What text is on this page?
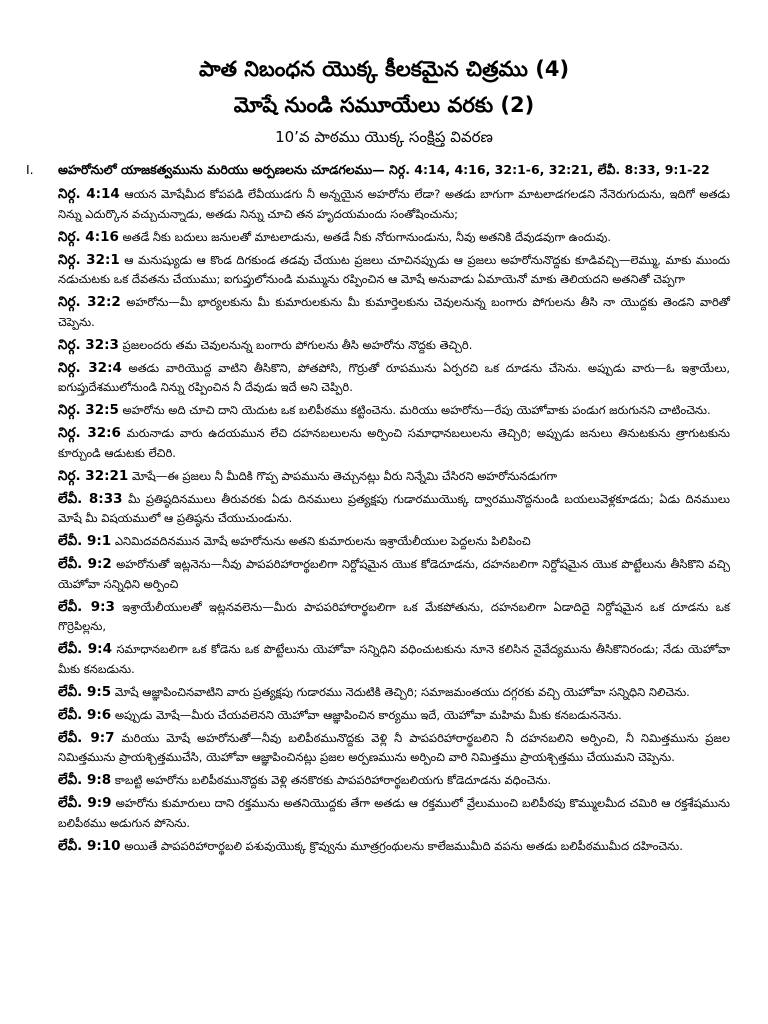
పాత నిబంధన యొక్క కీలకమైన చిత్రము (4)
మోషే నుండి సమూయేలు వరకు (2)
10’వ పాఠము యొక్క సంక్షిప్త వివరణ
I. అహరోనులో యాజకత్వమును మరియు అర్పణలను చూడగలము— నిర్గ. 4:14, 4:16, 32:1-6, 32:21, లేవీ. 8:33, 9:1-22
నిర్గ. 4:14 ఆయన మోషేమీద కోపపడి లేవీయుడగు నీ అన్నయైన అహరోను లేడా? అతడు బాగుగా మాటలాడగలడని నేనెరుగుదును, ఇదిగో అతడు నిన్ను ఎదుర్కొన వచ్చుచున్నాడు, అతడు నిన్ను చూచి తన హృదయమందు సంతోషించును;
నిర్గ. 4:16 అతడే నీకు బదులు జనులతో మాటలాడును, అతడే నీకు నోరుగానుండును, నీవు అతనికి దేవుడవుగా ఉందువు.
నిర్గ. 32:1 ఆ మనుష్యుడు ఆ కొండ దిగకుండ తడవు చేయుట ప్రజలు చూచినప్పుడు ఆ ప్రజలు అహరోనునొద్దకు కూడివచ్చి—లెమ్ము, మాకు ముందు నడుచుటకు ఒక దేవతను చేయుము; ఐగుప్తులోనుండి మమ్మును రప్పించిన ఆ మోషే అనువాడు ఏమాయెనో మాకు తెలియదని అతనితో చెప్పగా
నిర్గ. 32:2 అహరోను—మీ భార్యలకును మీ కుమారులకును మీ కుమార్తెలకును చెవులనున్న బంగారు పోగులను తీసి నా యొద్దకు తెండని వారితో చెప్పెను.
నిర్గ. 32:3 ప్రజలందరు తమ చెవులనున్న బంగారు పోగులను తీసి అహరోను నొద్దకు తెచ్చిరి.
నిర్గ. 32:4 అతడు వారియొద్ద వాటిని తీసికొని, పోతపోసి, గొర్రుతో రూపమును ఏర్పరచి ఒక దూడను చేసెను. అప్పుడు వారు—ఓ ఇశ్రాయేలు, ఐగుప్తుదేశములోనుండి నిన్ను రప్పించిన నీ దేవుడు ఇదే అని చెప్పిరి.
నిర్గ. 32:5 అహరోను అది చూచి దాని యెదుట ఒక బలిపీఠము కట్టించెను. మరియు అహరోను—రేపు యెహోవాకు పండుగ జరుగునని చాటించెను.
నిర్గ. 32:6 మరునాడు వారు ఉదయమున లేచి దహనబలులను అర్పించి సమాధానబలులను తెచ్చిరి; అప్పుడు జనులు తినుటకును త్రాగుటకును కూర్చుండి ఆడుటకు లేచిరి.
నిర్గ. 32:21 మోషే—ఈ ప్రజలు నీ మీదికి గొప్ప పాపమును తెచ్చునట్లు వీరు నిన్నేమి చేసిరని అహరోనునడుగగా
లేవీ. 8:33 మీ ప్రతిష్ఠదినములు తీరువరకు ఏడు దినములు ప్రత్యక్షపు గుడారముయొక్క ద్వారమునొద్దనుండి బయలువెళ్లకూడదు; ఏడు దినములు మోషే మీ విషయములో ఆ ప్రతిష్ఠను చేయుచుండును.
లేవీ. 9:1 ఎనిమిదవదినమున మోషే అహరోనును అతని కుమారులను ఇశ్రాయేలీయుల పెద్దలను పిలిపించి
లేవీ. 9:2 అహరోనుతో ఇట్లనెను—నీవు పాపపరిహారార్థబలిగా నిర్దోషమైన యొక కోడెదూడను, దహనబలిగా నిర్దోషమైన యొక పొట్టేలును తీసికొని వచ్చి యెహోవా సన్నిధిని అర్పించి
లేవీ. 9:3 ఇశ్రాయేలీయులతో ఇట్లనవలెను—మీరు పాపపరిహారార్థబలిగా ఒక మేకపోతును, దహనబలిగా ఏడాదిదై నిర్దోషమైన ఒక దూడను ఒక గొర్రెపిల్లను,
లేవీ. 9:4 సమాధానబలిగా ఒక కోడెను ఒక పొట్టేలును యెహోవా సన్నిధిని వధించుటకును నూనె కలిసిన నైవేద్యమును తీసికొనిరండు; నేడు యెహోవా మీకు కనబడును.
లేవీ. 9:5 మోషే ఆజ్ఞాపించినవాటిని వారు ప్రత్యక్షపు గుడారము నెదుటికి తెచ్చిరి; సమాజమంతయు దగ్గరకు వచ్చి యెహోవా సన్నిధిని నిలిచెను.
లేవీ. 9:6 అప్పుడు మోషే—మీరు చేయవలెనని యెహోవా ఆజ్ఞాపించిన కార్యము ఇదే, యెహోవా మహిమ మీకు కనబడుననెను.
లేవీ. 9:7 మరియు మోషే అహరోనుతో—నీవు బలిపీఠమునొద్దకు వెళ్లి నీ పాపపరిహారార్థబలిని నీ దహనబలిని అర్పించి, నీ నిమిత్తమును ప్రజల నిమిత్తమును ప్రాయశ్చిత్తముచేసి, యెహోవా ఆజ్ఞాపించినట్లు ప్రజల అర్పణమును అర్పించి వారి నిమిత్తము ప్రాయశ్చిత్తము చేయుమని చెప్పెను.
లేవీ. 9:8 కాబట్టి అహరోను బలిపీఠమునొద్దకు వెళ్లి తనకొరకు పాపపరిహారార్థబలియగు కోడెదూడను వధించెను.
లేవీ. 9:9 అహరోను కుమారులు దాని రక్తమును అతనియొద్దకు తేగా అతడు ఆ రక్తములో వ్రేలుముంచి బలిపీఠపు కొమ్ములమీద చమిరి ఆ రక్తశేషమును బలిపీఠము అడుగున పోసెను.
లేవీ. 9:10 అయితే పాపపరిహారార్థబలి పశువుయొక్క క్రొవ్వును మూత్రగ్రంథులను కాలేజముమీది వపను అతడు బలిపీఠముమీద దహించెను.
